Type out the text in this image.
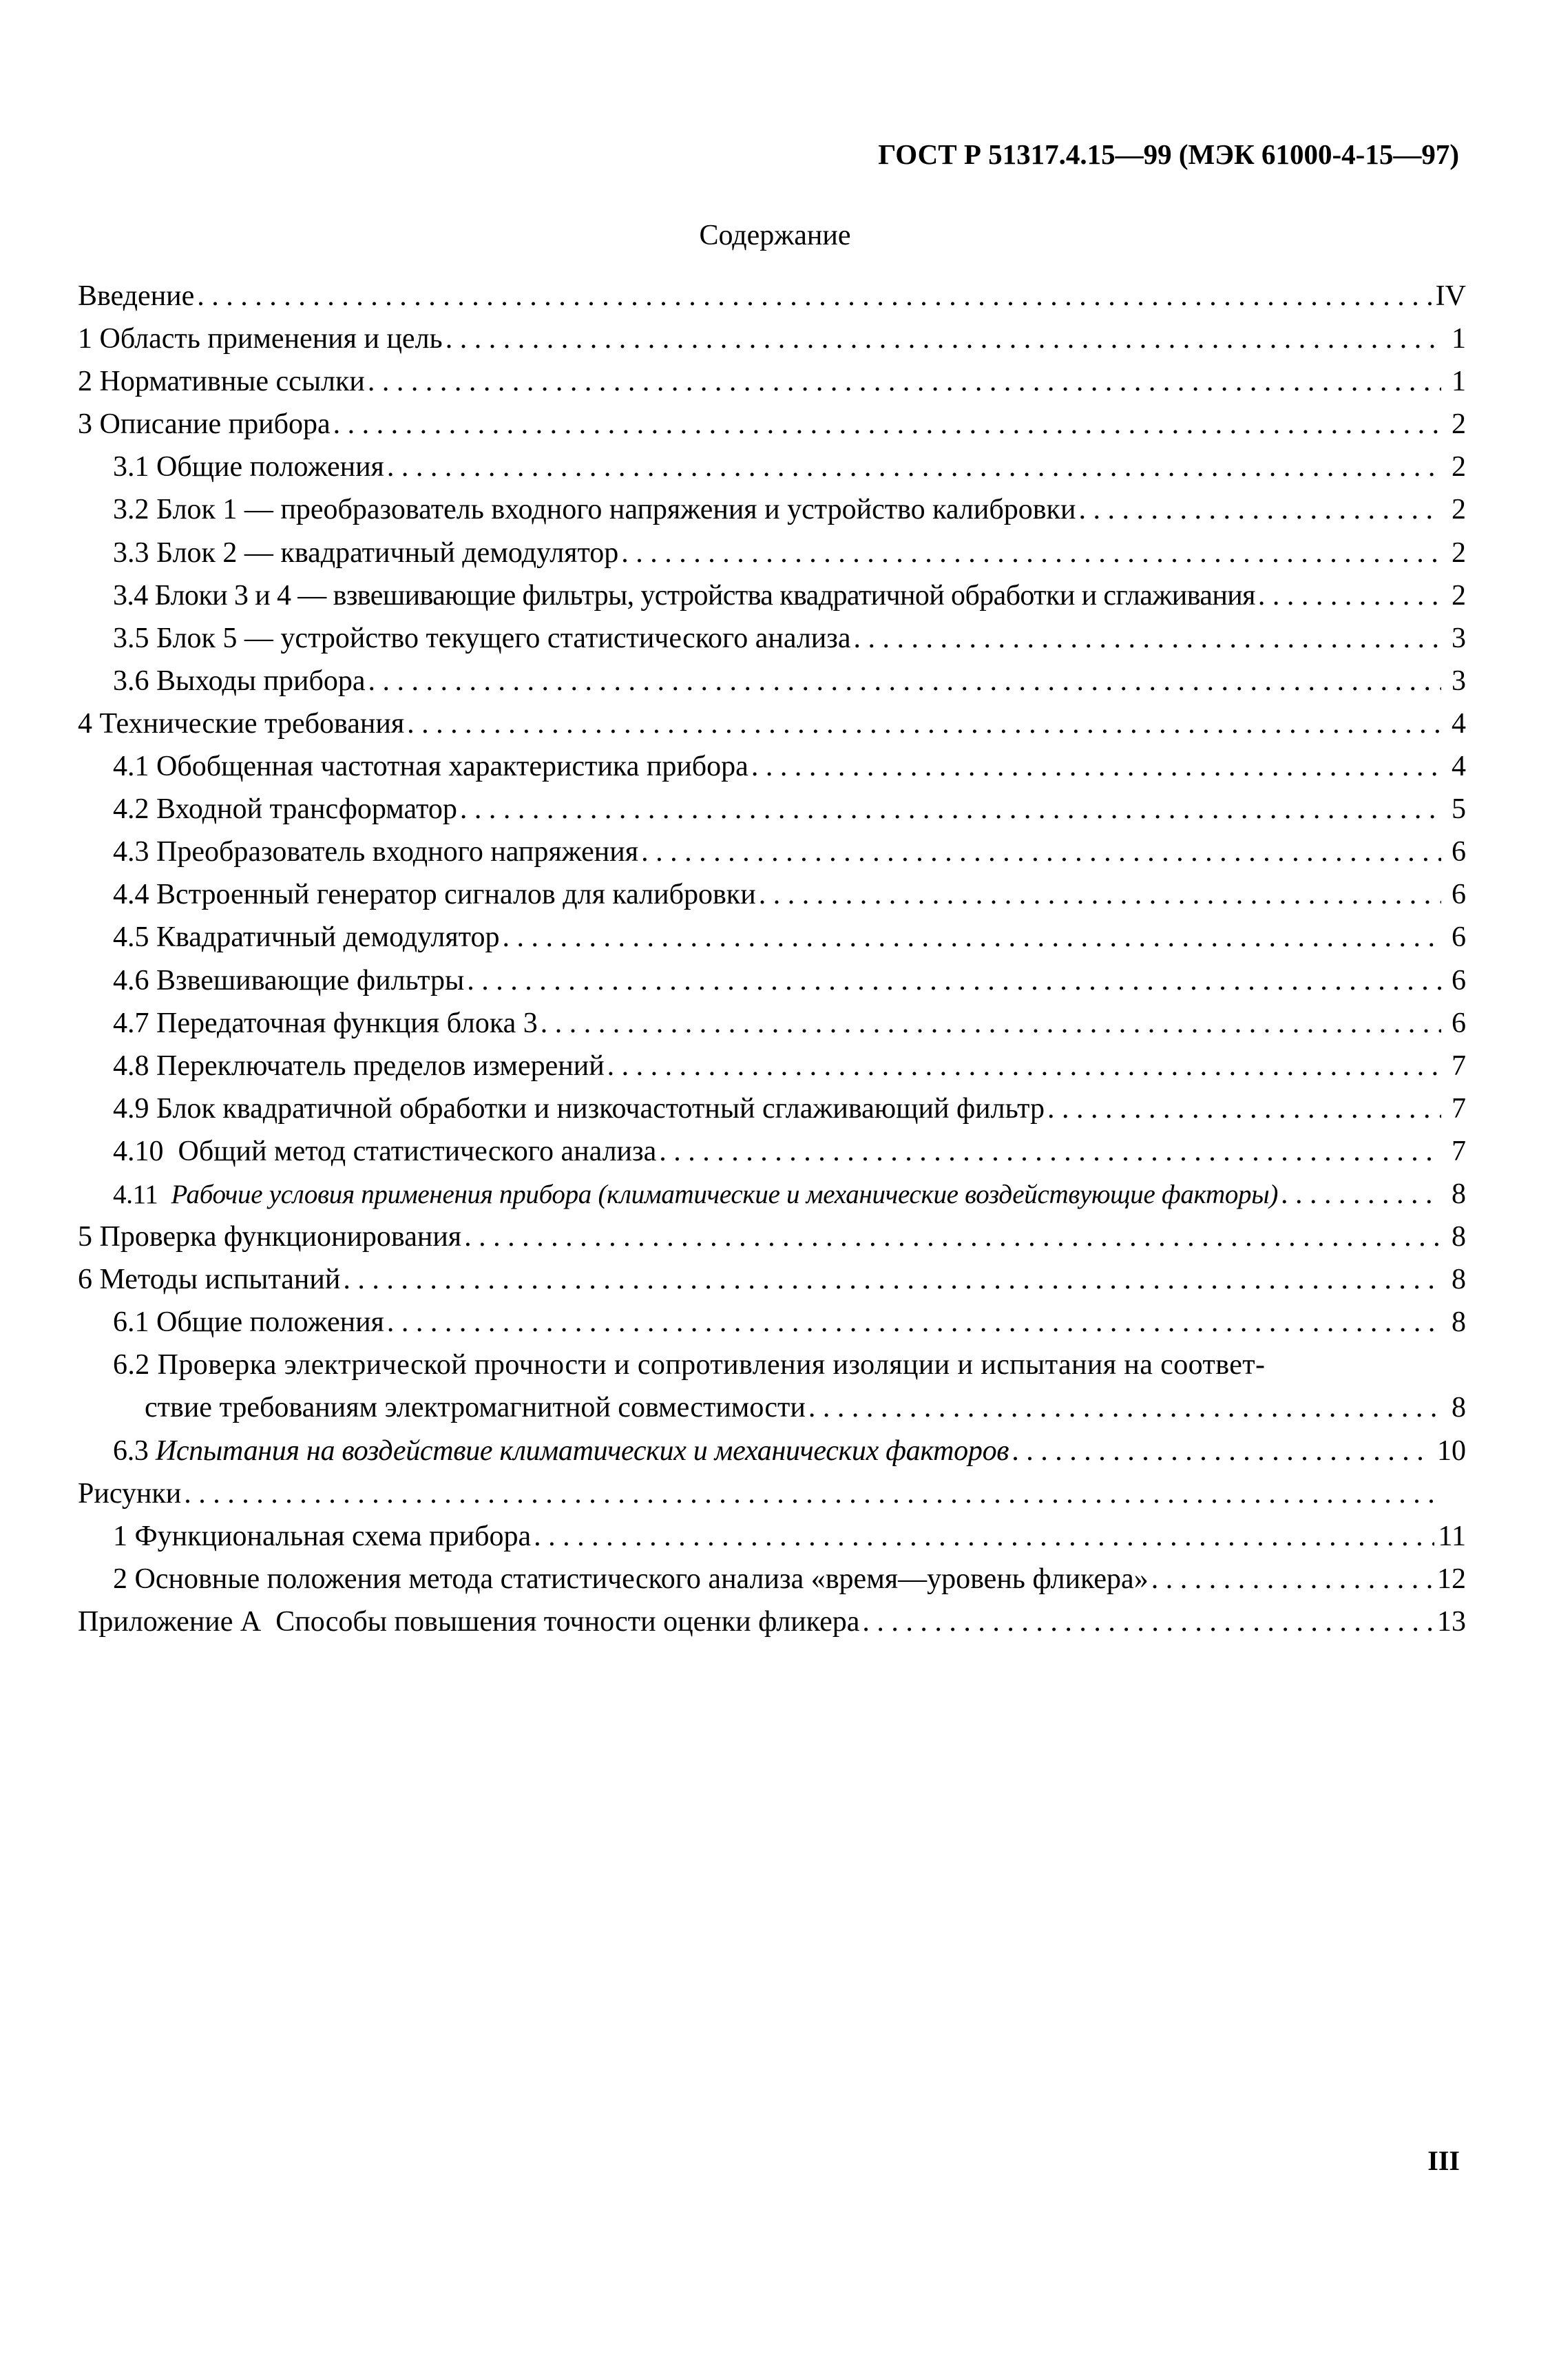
ГОСТ Р 51317.4.15—99 (МЭК 61000-4-15—97)
Содержание
Введение . . .	IV
1 Область применения и цель . . .	1
2 Нормативные ссылки . . .	1
3 Описание прибора . . .	2
3.1 Общие положения . . .	2
3.2 Блок 1 — преобразователь входного напряжения и устройство калибровки . . .	2
3.3 Блок 2 — квадратичный демодулятор . . .	2
3.4 Блоки 3 и 4 — взвешивающие фильтры, устройства квадратичной обработки и сглаживания . . .	2
3.5 Блок 5 — устройство текущего статистического анализа . . .	3
3.6 Выходы прибора . . .	3
4 Технические требования . . .	4
4.1 Обобщенная частотная характеристика прибора . . .	4
4.2 Входной трансформатор . . .	5
4.3 Преобразователь входного напряжения . . .	6
4.4 Встроенный генератор сигналов для калибровки . . .	6
4.5 Квадратичный демодулятор . . .	6
4.6 Взвешивающие фильтры . . .	6
4.7 Передаточная функция блока 3 . . .	6
4.8 Переключатель пределов измерений . . .	7
4.9 Блок квадратичной обработки и низкочастотный сглаживающий фильтр . . .	7
4.10 Общий метод статистического анализа . . .	7
4.11 Рабочие условия применения прибора (климатические и механические воздействующие факторы) . . .	8
5 Проверка функционирования . . .	8
6 Методы испытаний . . .	8
6.1 Общие положения . . .	8
6.2 Проверка электрической прочности и сопротивления изоляции и испытания на соответ-
ствие требованиям электромагнитной совместимости . . .	8
6.3 Испытания на воздействие климатических и механических факторов . . .	10
Рисунки
. . .
1 Функциональная схема прибора . . .	11
2 Основные положения метода статистического анализа «время—уровень фликера» . . .	12
Приложение А  Способы повышения точности оценки фликера . . .	13
III
